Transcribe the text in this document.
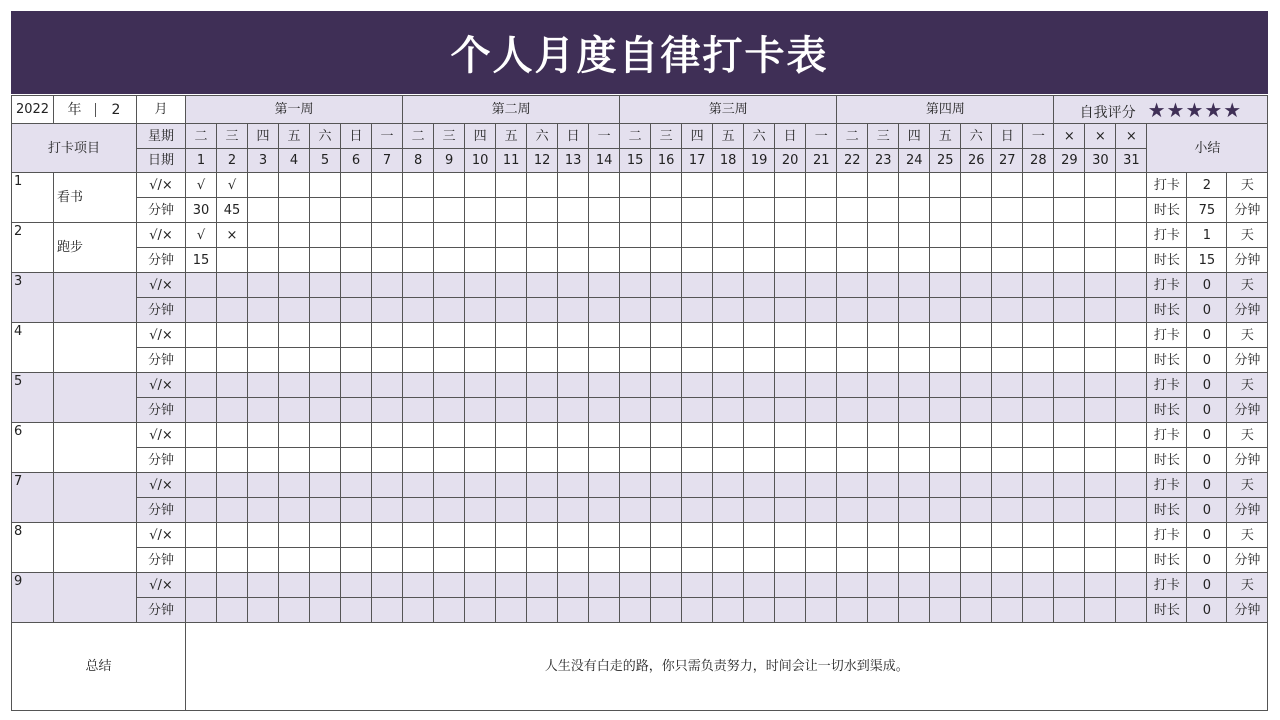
个人月度自律打卡表
2022	年 2	月	第一周							第二周							第三周							第四周							自我评分 ★★★★★					
打卡项目		星期	二	三	四	五	六	日	一	二	三	四	五	六	日	一	二	三	四	五	六	日	一	二	三	四	五	六	日	一	×	×	×	小结		
		日期	1	2	3	4	5	6	7	8	9	10	11	12	13	14	15	16	17	18	19	20	21	22	23	24	25	26	27	28	29	30	31			
1	看书	√/×	√	√																														打卡	2	天
		分钟	30	45																														时长	75	分钟
2	跑步	√/×	√	×																														打卡	1	天
		分钟	15																															时长	15	分钟
3		√/×																																打卡	0	天
		分钟																																时长	0	分钟
4		√/×																																打卡	0	天
		分钟																																时长	0	分钟
5		√/×																																打卡	0	天
		分钟																																时长	0	分钟
6		√/×																																打卡	0	天
		分钟																																时长	0	分钟
7		√/×																																打卡	0	天
		分钟																																时长	0	分钟
8		√/×																																打卡	0	天
		分钟																																时长	0	分钟
9		√/×																																打卡	0	天
		分钟																																时长	0	分钟
总结			人生没有白走的路，你只需负责努力，时间会让一切水到渠成。																																	
